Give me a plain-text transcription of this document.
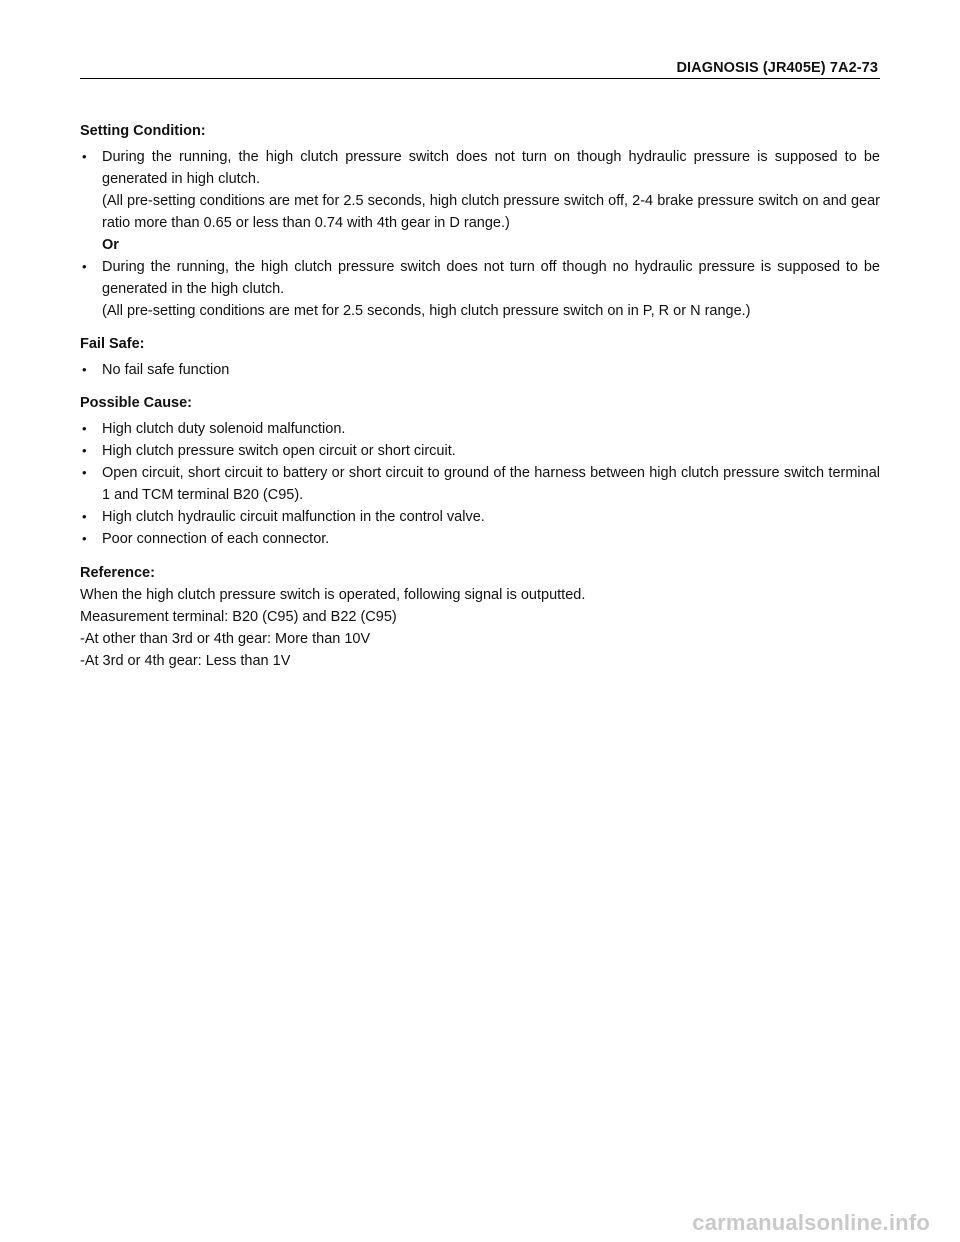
DIAGNOSIS (JR405E) 7A2-73

Setting Condition:

• During the running, the high clutch pressure switch does not turn on though hydraulic pressure is supposed to be generated in high clutch.
(All pre-setting conditions are met for 2.5 seconds, high clutch pressure switch off, 2-4 brake pressure switch on and gear ratio more than 0.65 or less than 0.74 with 4th gear in D range.)
Or
• During the running, the high clutch pressure switch does not turn off though no hydraulic pressure is supposed to be generated in the high clutch.
(All pre-setting conditions are met for 2.5 seconds, high clutch pressure switch on in P, R or N range.)

Fail Safe:

• No fail safe function

Possible Cause:

• High clutch duty solenoid malfunction.
• High clutch pressure switch open circuit or short circuit.
• Open circuit, short circuit to battery or short circuit to ground of the harness between high clutch pressure switch terminal 1 and TCM terminal B20 (C95).
• High clutch hydraulic circuit malfunction in the control valve.
• Poor connection of each connector.

Reference:

When the high clutch pressure switch is operated, following signal is outputted.

Measurement terminal: B20 (C95) and B22 (C95)

-At other than 3rd or 4th gear: More than 10V

-At 3rd or 4th gear: Less than 1V

carmanualsonline.info
